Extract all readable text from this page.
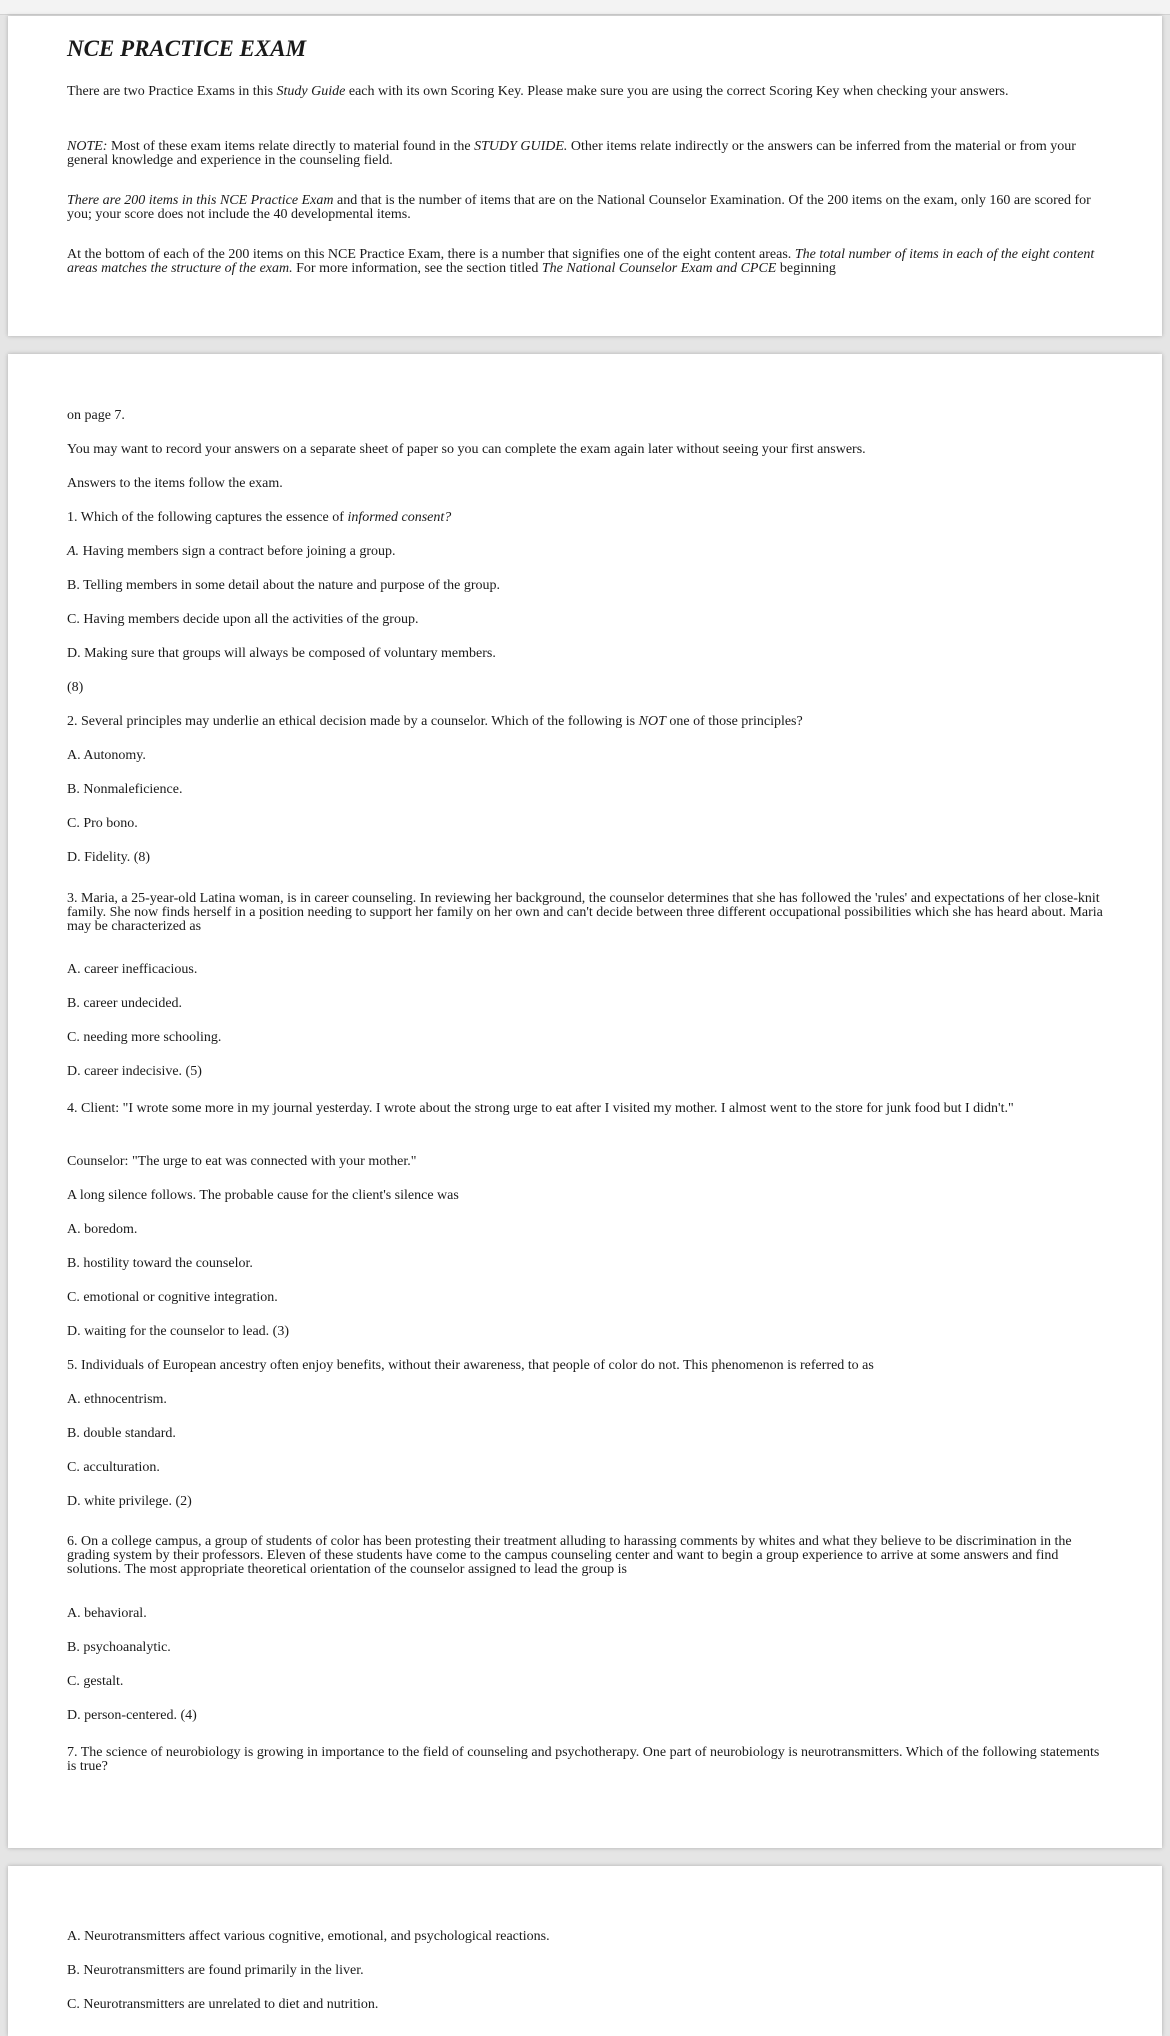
NCE PRACTICE EXAM

There are two Practice Exams in this Study Guide each with its own Scoring Key. Please make sure you are using the correct Scoring Key when checking your answers.

NOTE: Most of these exam items relate directly to material found in the STUDY GUIDE. Other items relate indirectly or the answers can be inferred from the material or from your general knowledge and experience in the counseling field.

There are 200 items in this NCE Practice Exam and that is the number of items that are on the National Counselor Examination. Of the 200 items on the exam, only 160 are scored for you; your score does not include the 40 developmental items.

At the bottom of each of the 200 items on this NCE Practice Exam, there is a number that signifies one of the eight content areas. The total number of items in each of the eight content areas matches the structure of the exam. For more information, see the section titled The National Counselor Exam and CPCE beginning

on page 7.

You may want to record your answers on a separate sheet of paper so you can complete the exam again later without seeing your first answers.

Answers to the items follow the exam.

1. Which of the following captures the essence of informed consent?

A. Having members sign a contract before joining a group.

B. Telling members in some detail about the nature and purpose of the group.

C. Having members decide upon all the activities of the group.

D. Making sure that groups will always be composed of voluntary members.

(8)

2. Several principles may underlie an ethical decision made by a counselor. Which of the following is NOT one of those principles?

A. Autonomy.

B. Nonmaleficience.

C. Pro bono.

D. Fidelity. (8)

3. Maria, a 25-year-old Latina woman, is in career counseling. In reviewing her background, the counselor determines that she has followed the 'rules' and expectations of her close-knit family. She now finds herself in a position needing to support her family on her own and can't decide between three different occupational possibilities which she has heard about. Maria may be characterized as

A. career inefficacious.

B. career undecided.

C. needing more schooling.

D. career indecisive. (5)

4. Client: "I wrote some more in my journal yesterday. I wrote about the strong urge to eat after I visited my mother. I almost went to the store for junk food but I didn't."

Counselor: "The urge to eat was connected with your mother."

A long silence follows. The probable cause for the client's silence was

A. boredom.

B. hostility toward the counselor.

C. emotional or cognitive integration.

D. waiting for the counselor to lead. (3)

5. Individuals of European ancestry often enjoy benefits, without their awareness, that people of color do not. This phenomenon is referred to as

A. ethnocentrism.

B. double standard.

C. acculturation.

D. white privilege. (2)

6. On a college campus, a group of students of color has been protesting their treatment alluding to harassing comments by whites and what they believe to be discrimination in the grading system by their professors. Eleven of these students have come to the campus counseling center and want to begin a group experience to arrive at some answers and find solutions. The most appropriate theoretical orientation of the counselor assigned to lead the group is

A. behavioral.

B. psychoanalytic.

C. gestalt.

D. person-centered. (4)

7. The science of neurobiology is growing in importance to the field of counseling and psychotherapy. One part of neurobiology is neurotransmitters. Which of the following statements is true?

A. Neurotransmitters affect various cognitive, emotional, and psychological reactions.

B. Neurotransmitters are found primarily in the liver.

C. Neurotransmitters are unrelated to diet and nutrition.
